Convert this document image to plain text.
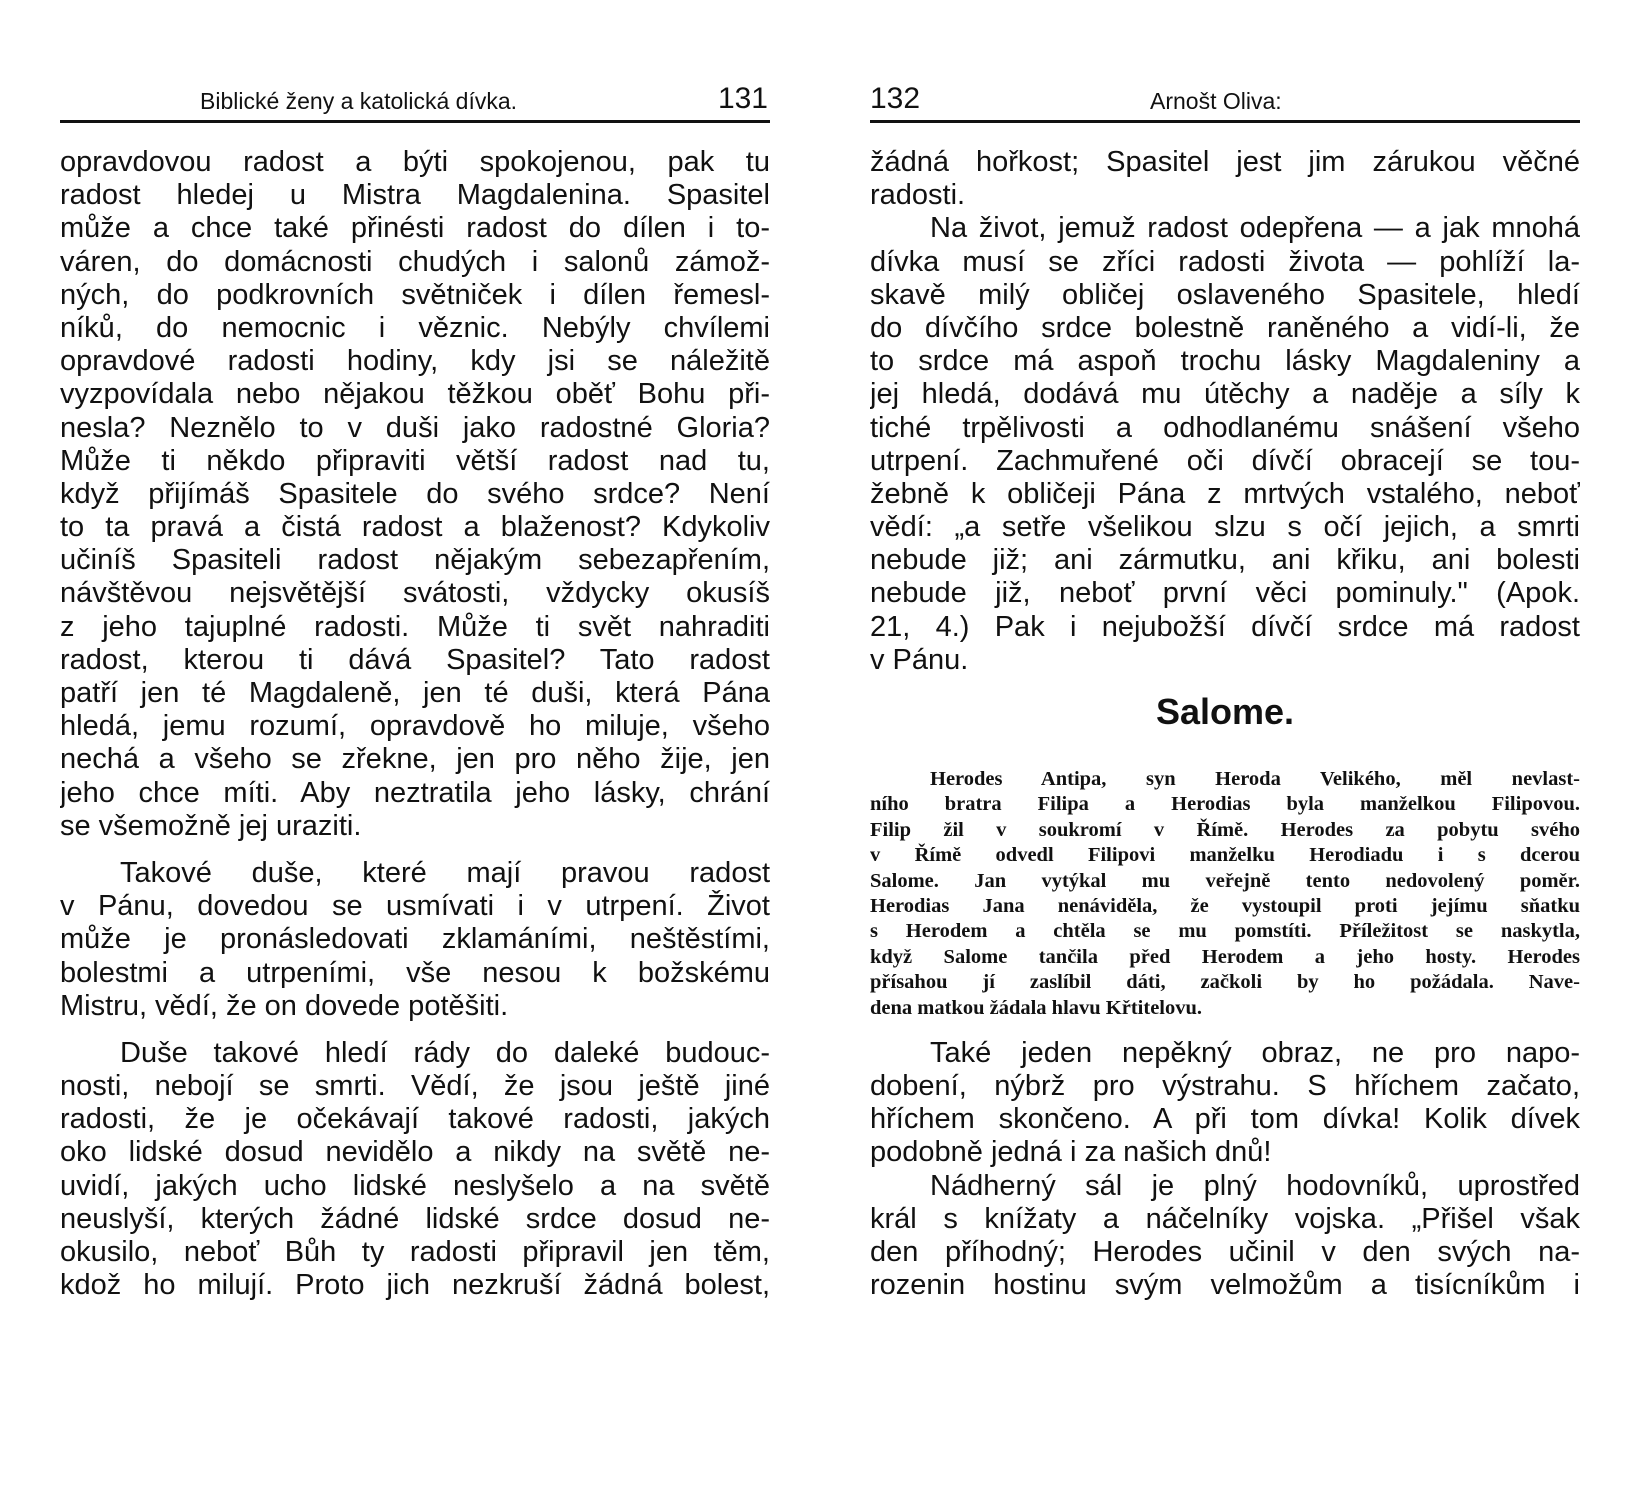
Biblické ženy a katolická dívka.	131
opravdovou radost a býti spokojenou, pak tu
radost hledej u Mistra Magdalenina. Spasitel
může a chce také přinésti radost do dílen i to-
váren, do domácnosti chudých i salonů zámož-
ných, do podkrovních světniček i dílen řemesl-
níků, do nemocnic i věznic. Nebýly chvílemi
opravdové radosti hodiny, kdy jsi se náležitě
vyzpovídala nebo nějakou těžkou oběť Bohu při-
nesla? Neznělo to v duši jako radostné Gloria?
Může ti někdo připraviti větší radost nad tu,
když přijímáš Spasitele do svého srdce? Není
to ta pravá a čistá radost a blaženost? Kdykoliv
učiníš Spasiteli radost nějakým sebezapřením,
návštěvou nejsvětější svátosti, vždycky okusíš
z jeho tajuplné radosti. Může ti svět nahraditi
radost, kterou ti dává Spasitel? Tato radost
patří jen té Magdaleně, jen té duši, která Pána
hledá, jemu rozumí, opravdově ho miluje, všeho
nechá a všeho se zřekne, jen pro něho žije, jen
jeho chce míti. Aby neztratila jeho lásky, chrání
se všemožně jej uraziti.
Takové duše, které mají pravou radost
v Pánu, dovedou se usmívati i v utrpení. Život
může je pronásledovati zklamáními, neštěstími,
bolestmi a utrpeními, vše nesou k božskému
Mistru, vědí, že on dovede potěšiti.
Duše takové hledí rády do daleké budouc-
nosti, nebojí se smrti. Vědí, že jsou ještě jiné
radosti, že je očekávají takové radosti, jakých
oko lidské dosud nevidělo a nikdy na světě ne-
uvidí, jakých ucho lidské neslyšelo a na světě
neuslyší, kterých žádné lidské srdce dosud ne-
okusilo, neboť Bůh ty radosti připravil jen těm,
kdož ho milují. Proto jich nezkruší žádná bolest,
132	Arnošt Oliva:
žádná hořkost; Spasitel jest jim zárukou věčné
radosti.
Na život, jemuž radost odepřena — a jak mnohá
dívka musí se zříci radosti života — pohlíží la-
skavě milý obličej oslaveného Spasitele, hledí
do dívčího srdce bolestně raněného a vidí-li, že
to srdce má aspoň trochu lásky Magdaleniny a
jej hledá, dodává mu útěchy a naděje a síly k
tiché trpělivosti a odhodlanému snášení všeho
utrpení. Zachmuřené oči dívčí obracejí se tou-
žebně k obličeji Pána z mrtvých vstalého, neboť
vědí: „a setře všelikou slzu s očí jejich, a smrti
nebude již; ani zármutku, ani křiku, ani bolesti
nebude již, neboť první věci pominuly." (Apok.
21, 4.) Pak i nejubožší dívčí srdce má radost
v Pánu.
Salome.
Herodes Antipa, syn Heroda Velikého, měl nevlast-
ního bratra Filipa a Herodias byla manželkou Filipovou.
Filip žil v soukromí v Římě. Herodes za pobytu svého
v Římě odvedl Filipovi manželku Herodiadu i s dcerou
Salome. Jan vytýkal mu veřejně tento nedovolený poměr.
Herodias Jana nenáviděla, že vystoupil proti jejímu sňatku
s Herodem a chtěla se mu pomstíti. Příležitost se naskytla,
když Salome tančila před Herodem a jeho hosty. Herodes
přísahou jí zaslíbil dáti, začkoli by ho požádala. Nave-
dena matkou žádala hlavu Křtitelovu.
Také jeden nepěkný obraz, ne pro napo-
dobení, nýbrž pro výstrahu. S hříchem začato,
hříchem skončeno. A při tom dívka! Kolik dívek
podobně jedná i za našich dnů!
Nádherný sál je plný hodovníků, uprostřed
král s knížaty a náčelníky vojska. „Přišel však
den příhodný; Herodes učinil v den svých na-
rozenin hostinu svým velmožům a tisícníkům i
